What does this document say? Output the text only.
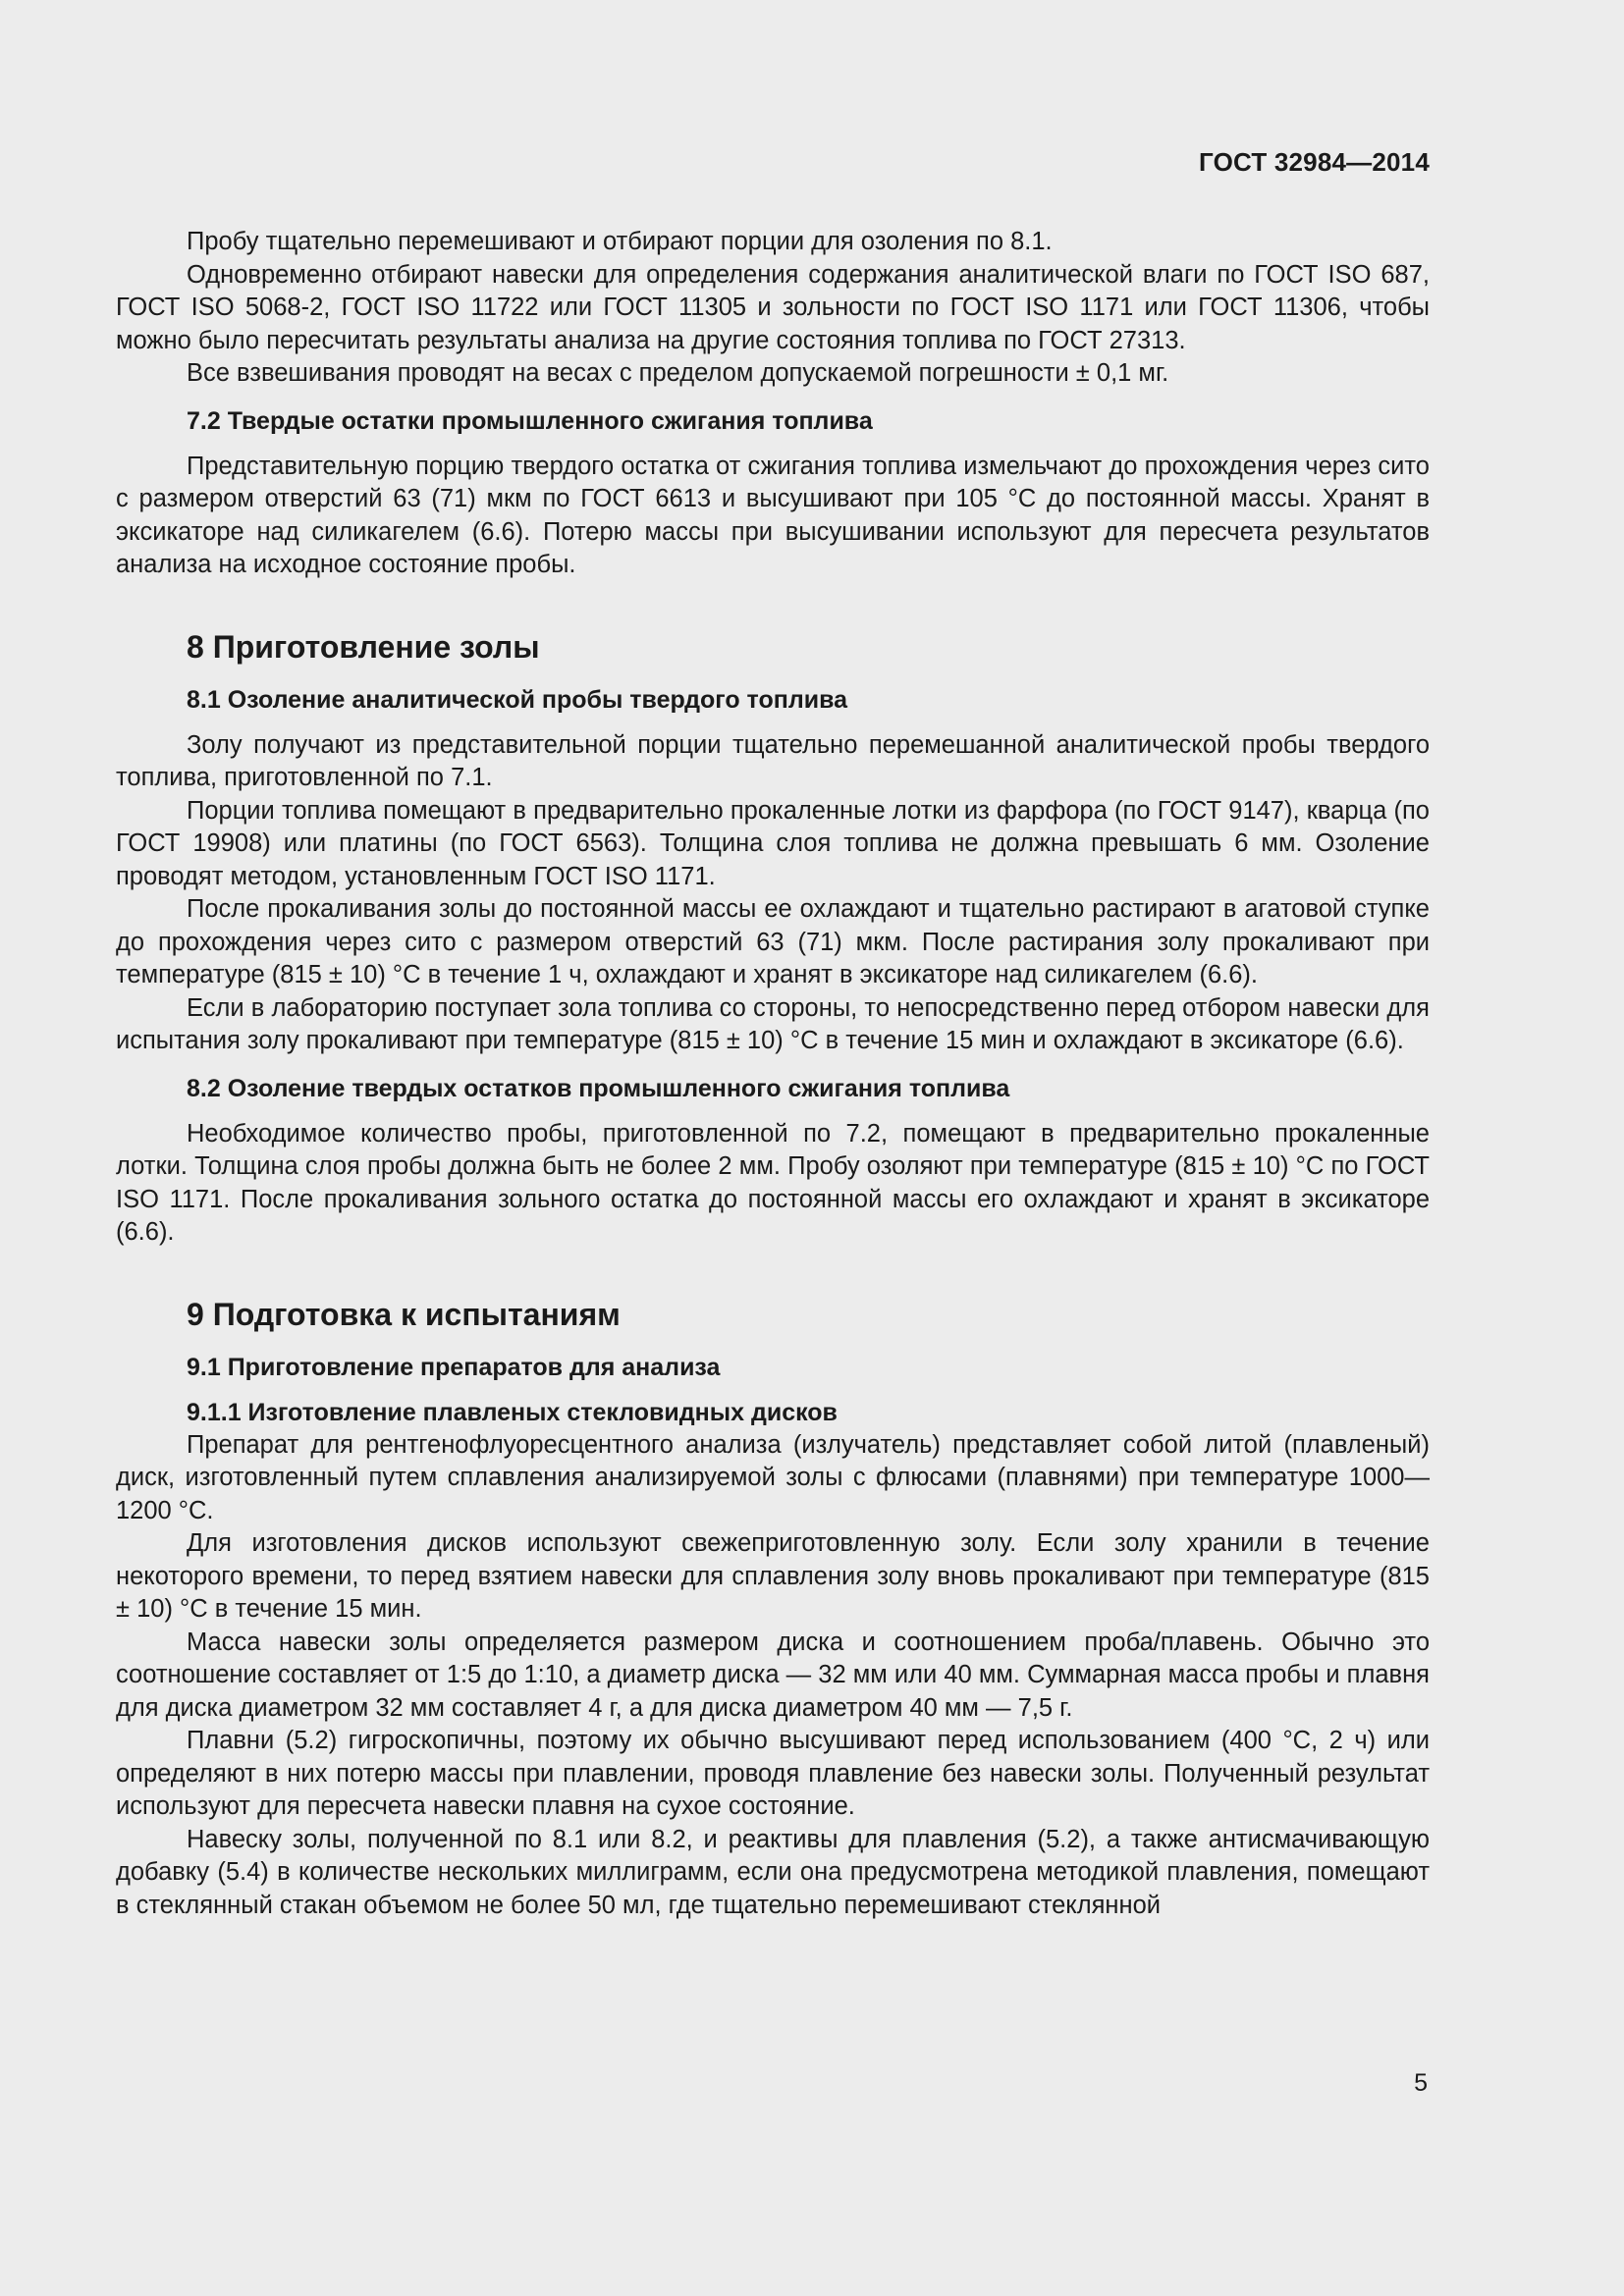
ГОСТ 32984—2014

Пробу тщательно перемешивают и отбирают порции для озоления по 8.1.

Одновременно отбирают навески для определения содержания аналитической влаги по ГОСТ ISO 687, ГОСТ ISO 5068-2, ГОСТ ISO 11722 или ГОСТ 11305 и зольности по ГОСТ ISO 1171 или ГОСТ 11306, чтобы можно было пересчитать результаты анализа на другие состояния топлива по ГОСТ 27313.

Все взвешивания проводят на весах с пределом допускаемой погрешности ± 0,1 мг.

7.2 Твердые остатки промышленного сжигания топлива

Представительную порцию твердого остатка от сжигания топлива измельчают до прохождения через сито с размером отверстий 63 (71) мкм по ГОСТ 6613 и высушивают при 105 °С до постоянной массы. Хранят в эксикаторе над силикагелем (6.6). Потерю массы при высушивании используют для пересчета результатов анализа на исходное состояние пробы.

8 Приготовление золы
8.1 Озоление аналитической пробы твердого топлива

Золу получают из представительной порции тщательно перемешанной аналитической пробы твердого топлива, приготовленной по 7.1.

Порции топлива помещают в предварительно прокаленные лотки из фарфора (по ГОСТ 9147), кварца (по ГОСТ 19908) или платины (по ГОСТ 6563). Толщина слоя топлива не должна превышать 6 мм. Озоление проводят методом, установленным ГОСТ ISO 1171.

После прокаливания золы до постоянной массы ее охлаждают и тщательно растирают в агатовой ступке до прохождения через сито с размером отверстий 63 (71) мкм. После растирания золу прокаливают при температуре (815 ± 10) °С в течение 1 ч, охлаждают и хранят в эксикаторе над силикагелем (6.6).

Если в лабораторию поступает зола топлива со стороны, то непосредственно перед отбором навески для испытания золу прокаливают при температуре (815 ± 10) °С в течение 15 мин и охлаждают в эксикаторе (6.6).

8.2 Озоление твердых остатков промышленного сжигания топлива

Необходимое количество пробы, приготовленной по 7.2, помещают в предварительно прокаленные лотки. Толщина слоя пробы должна быть не более 2 мм. Пробу озоляют при температуре (815 ± 10) °С по ГОСТ ISO 1171. После прокаливания зольного остатка до постоянной массы его охлаждают и хранят в эксикаторе (6.6).

9 Подготовка к испытаниям
9.1 Приготовление препаратов для анализа
9.1.1 Изготовление плавленых стекловидных дисков

Препарат для рентгенофлуоресцентного анализа (излучатель) представляет собой литой (плавленый) диск, изготовленный путем сплавления анализируемой золы с флюсами (плавнями) при температуре 1000—1200 °С.

Для изготовления дисков используют свежеприготовленную золу. Если золу хранили в течение некоторого времени, то перед взятием навески для сплавления золу вновь прокаливают при температуре (815 ± 10) °С в течение 15 мин.

Масса навески золы определяется размером диска и соотношением проба/плавень. Обычно это соотношение составляет от 1:5 до 1:10, а диаметр диска — 32 мм или 40 мм. Суммарная масса пробы и плавня для диска диаметром 32 мм составляет 4 г, а для диска диаметром 40 мм — 7,5 г.

Плавни (5.2) гигроскопичны, поэтому их обычно высушивают перед использованием (400 °С, 2 ч) или определяют в них потерю массы при плавлении, проводя плавление без навески золы. Полученный результат используют для пересчета навески плавня на сухое состояние.

Навеску золы, полученной по 8.1 или 8.2, и реактивы для плавления (5.2), а также антисмачивающую добавку (5.4) в количестве нескольких миллиграмм, если она предусмотрена методикой плавления, помещают в стеклянный стакан объемом не более 50 мл, где тщательно перемешивают стеклянной

5
